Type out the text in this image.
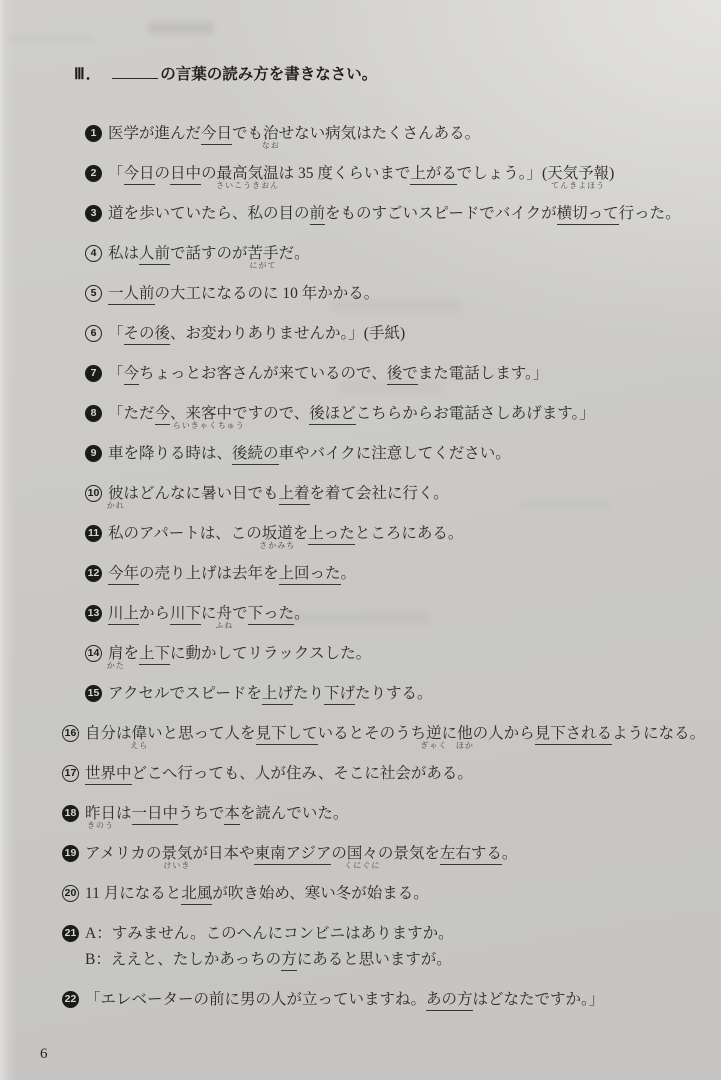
Ⅲ．	の言葉の読み方を書きなさい。
1 医学が進んだ今日でも治
なお
せない病気はたくさんある。
2 「今日の日中の最高気温
さいこうきおん
は 35 度くらいまで上がるでしょう。」(天気予報
てんきよほう
)
3 道を歩いていたら、私の目の前をものすごいスピードでバイクが横切って行った。
4 私は人前で話すのが苦手
にがて
だ。
5 一人前の大工になるのに 10 年かかる。
6 「その後、お変わりありませんか。」(手紙)
7 「今ちょっとお客さんが来ているので、後でまた電話します。」
8 「ただ今、来客中
らいきゃくちゅう
ですので、後ほどこちらからお電話さしあげます。」
9 車を降りる時は、後続の車やバイクに注意してください。
10 彼
かれ
はどんなに暑い日でも上着を着て会社に行く。
11 私のアパートは、この坂道
さかみち
を上ったところにある。
12 今年の売り上げは去年を上回った。
13 川上から川下に舟
ふね
で下った。
14 肩
かた
を上下に動かしてリラックスした。
15 アクセルでスピードを上げたり下げたりする。
16 自分は偉
えら
いと思って人を見下しているとそのうち逆
ぎゃく
に他
ほか
の人から見下されるようになる。
17 世界中どこへ行っても、人が住み、そこに社会がある。
18 昨日
きのう
は一日中うちで本を読んでいた。
19 アメリカの景気
けいき
が日本や東南アジアの国々
くにぐに
の景気を左右する。
20 11 月になると北風が吹き始め、寒い冬が始まる。
21 A：すみません。このへんにコンビニはありますか。
B：ええと、たしかあっちの方にあると思いますが。
22 「エレベーターの前に男の人が立っていますね。あの方はどなたですか。」
6
